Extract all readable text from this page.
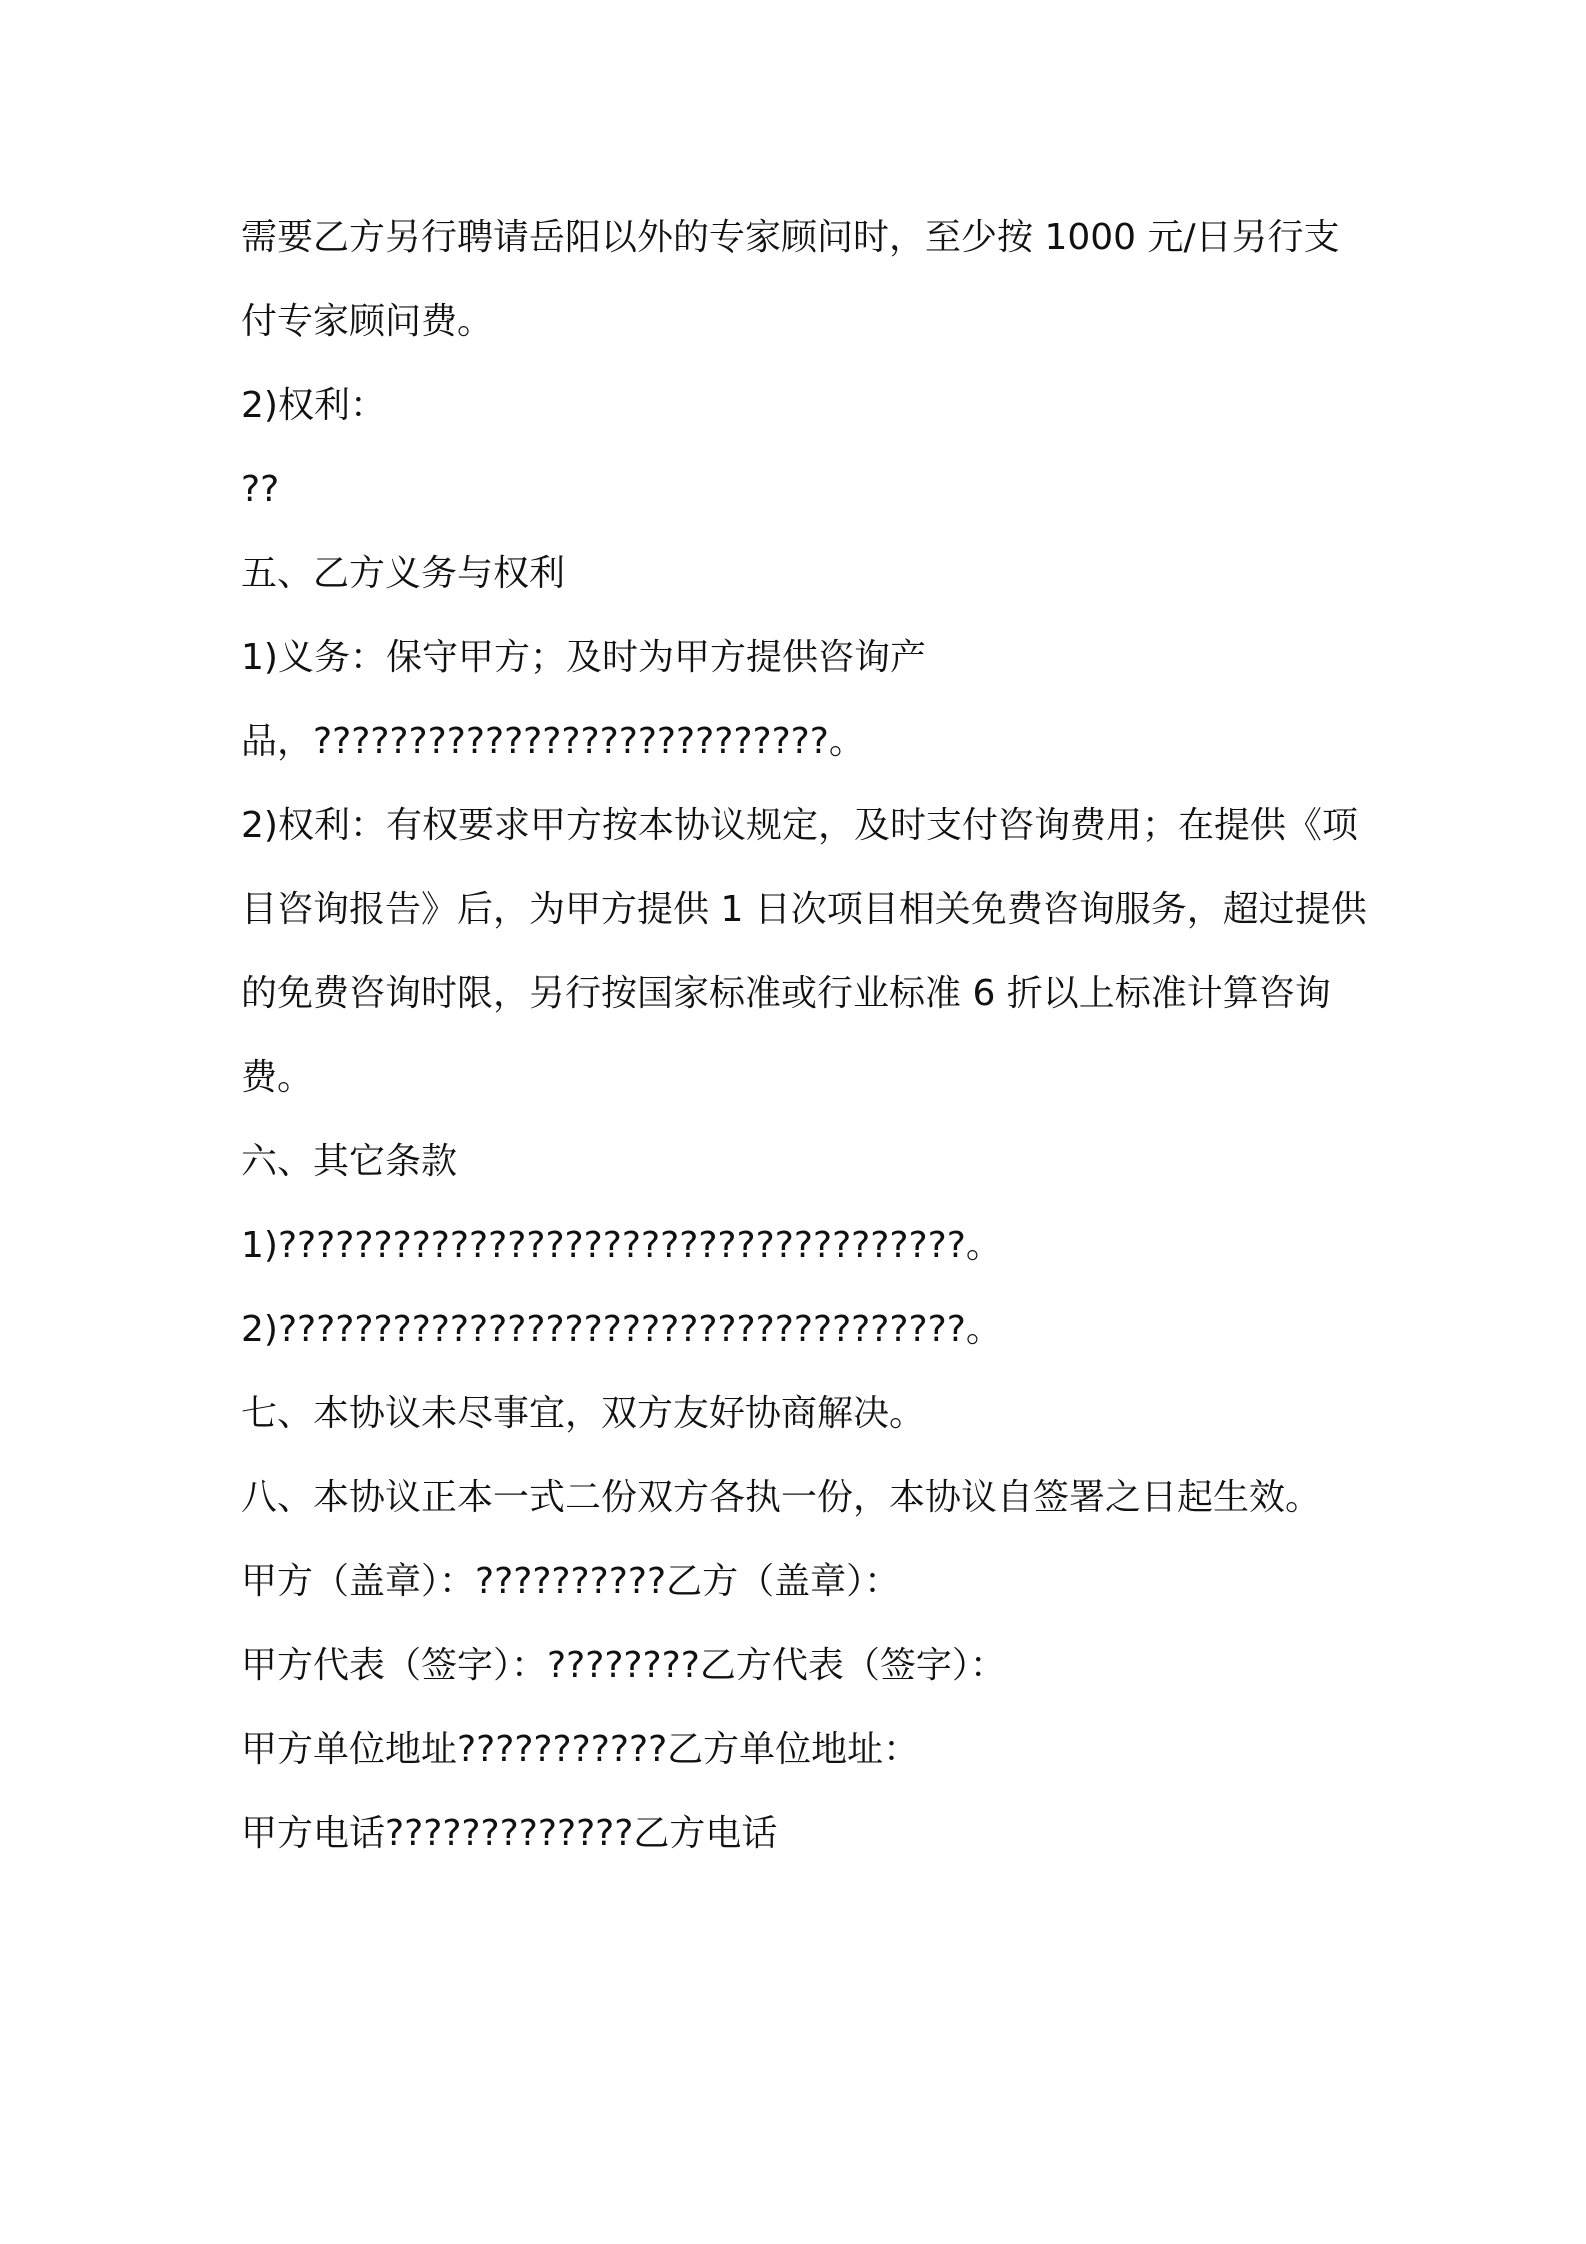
需要乙方另行聘请岳阳以外的专家顾问时，至少按 1000 元/日另行支付专家顾问费。

2)权利：

??

五、乙方义务与权利

1)义务：保守甲方；及时为甲方提供咨询产品，???????????????????????????。

2)权利：有权要求甲方按本协议规定，及时支付咨询费用；在提供《项目咨询报告》后，为甲方提供 1 日次项目相关免费咨询服务，超过提供的免费咨询时限，另行按国家标准或行业标准 6 折以上标准计算咨询费。

六、其它条款

1)????????????????????????????????????。

2)????????????????????????????????????。

七、本协议未尽事宜，双方友好协商解决。

八、本协议正本一式二份双方各执一份，本协议自签署之日起生效。

甲方（盖章）：??????????乙方（盖章）：

甲方代表（签字）：????????乙方代表（签字）：

甲方单位地址???????????乙方单位地址：

甲方电话?????????????乙方电话
